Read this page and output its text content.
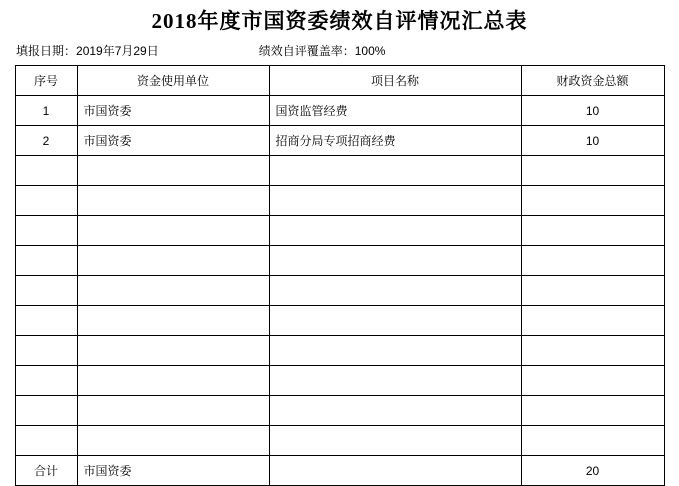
2018年度市国资委绩效自评情况汇总表
填报日期：2019年7月29日	绩效自评覆盖率：100%
序号	资金使用单位	项目名称	财政资金总额
1	市国资委	国资监管经费	10
2	市国资委	招商分局专项招商经费	10

合计	市国资委		20
